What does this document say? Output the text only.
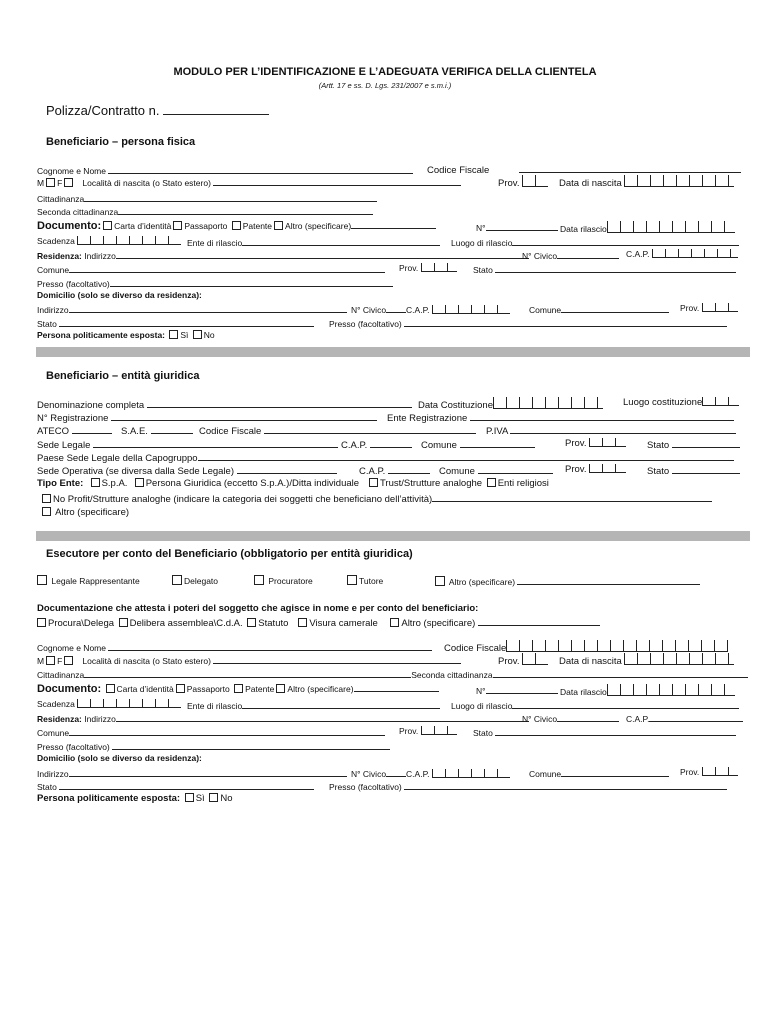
MODULO PER L’IDENTIFICAZIONE E L’ADEGUATA VERIFICA DELLA CLIENTELA
(Artt. 17 e ss. D. Lgs. 231/2007 e s.m.i.)
Polizza/Contratto n.
Beneficiario – persona fisica
Cognome e Nome	Codice Fiscale
M F Località di nascita (o Stato estero)	Prov.	Data di nascita
Cittadinanza
Seconda cittadinanza
Documento: Carta d’identità Passaporto Patente Altro (specificare)	N°	Data rilascio
Scadenza	Ente di rilascio	Luogo di rilascio
Residenza: Indirizzo	N° Civico	C.A.P.
Comune	Prov.	Stato
Presso (facoltativo)
Domicilio (solo se diverso da residenza):
Indirizzo	N° Civico C.A.P.	Comune	Prov.
Stato	Presso (facoltativo)
Persona politicamente esposta: Sì No
Beneficiario – entità giuridica
Denominazione completa	Data Costituzione	Luogo costituzione
N° Registrazione	Ente Registrazione
ATECO	S.A.E.	Codice Fiscale	P.IVA
Sede Legale	C.A.P.	Comune	Prov.	Stato
Paese Sede Legale della Capogruppo
Sede Operativa (se diversa dalla Sede Legale)	C.A.P.	Comune	Prov.	Stato
Tipo Ente: S.p.A. Persona Giuridica (eccetto S.p.A.)/Ditta individuale Trust/Strutture analoghe Enti religiosi
No Profit/Strutture analoghe (indicare la categoria dei soggetti che beneficiano dell’attività)
Altro (specificare)
Esecutore per conto del Beneficiario (obbligatorio per entità giuridica)
Legale Rappresentante	Delegato	Procuratore	Tutore	Altro (specificare)
Documentazione che attesta i poteri del soggetto che agisce in nome e per conto del beneficiario:
Procura\Delega Delibera assemblea\C.d.A. Statuto Visura camerale Altro (specificare)
Cognome e Nome	Codice Fiscale
M F Località di nascita (o Stato estero)	Prov.	Data di nascita
Cittadinanza	Seconda cittadinanza
Documento: Carta d’identità Passaporto Patente Altro (specificare)	N°	Data rilascio
Scadenza	Ente di rilascio	Luogo di rilascio
Residenza: Indirizzo	N° Civico	C.A.P.
Comune	Prov.	Stato
Presso (facoltativo)
Domicilio (solo se diverso da residenza):
Indirizzo	N° Civico C.A.P.	Comune	Prov.
Stato	Presso (facoltativo)
Persona politicamente esposta: Sì No
